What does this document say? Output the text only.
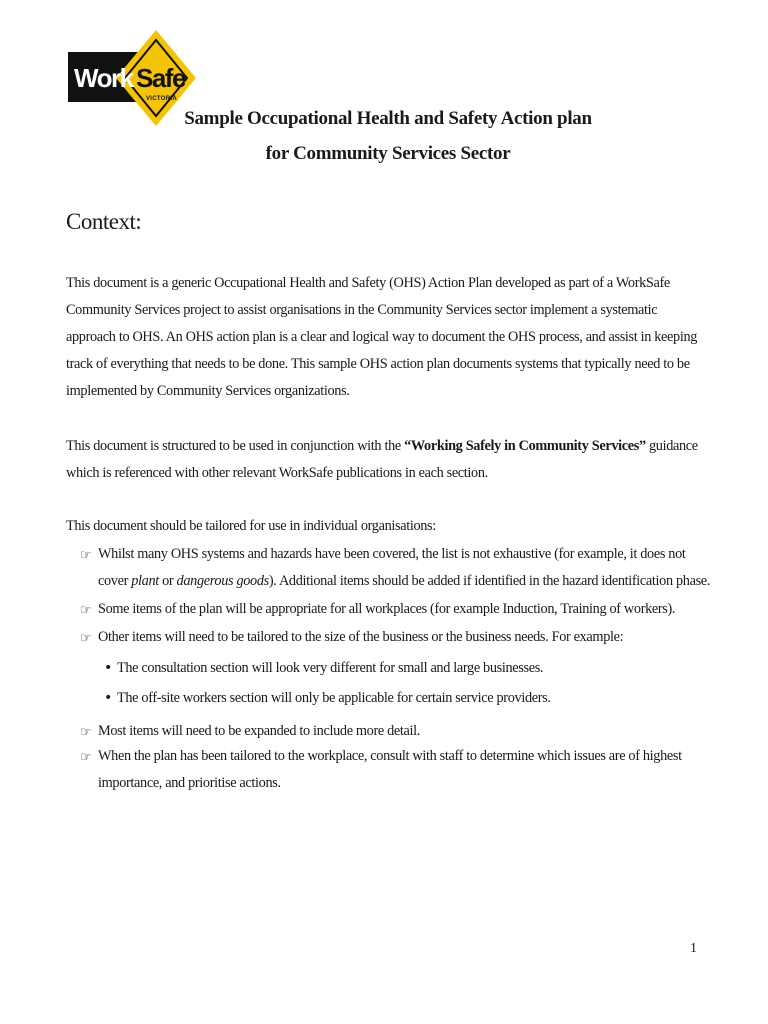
Work Safe
VICTORIA
Sample Occupational Health and Safety Action plan
for Community Services Sector
Context:
This document is a generic Occupational Health and Safety (OHS) Action Plan developed as part of a WorkSafe Community Services project to assist organisations in the Community Services sector implement a systematic approach to OHS. An OHS action plan is a clear and logical way to document the OHS process, and assist in keeping track of everything that needs to be done. This sample OHS action plan documents systems that typically need to be implemented by Community Services organizations.
This document is structured to be used in conjunction with the “Working Safely in Community Services” guidance which is referenced with other relevant WorkSafe publications in each section.
This document should be tailored for use in individual organisations:
☞ Whilst many OHS systems and hazards have been covered, the list is not exhaustive (for example, it does not cover plant or dangerous goods). Additional items should be added if identified in the hazard identification phase.
☞ Some items of the plan will be appropriate for all workplaces (for example Induction, Training of workers).
☞ Other items will need to be tailored to the size of the business or the business needs. For example:
• The consultation section will look very different for small and large businesses.
• The off-site workers section will only be applicable for certain service providers.
☞ Most items will need to be expanded to include more detail.
☞ When the plan has been tailored to the workplace, consult with staff to determine which issues are of highest importance, and prioritise actions.
1
